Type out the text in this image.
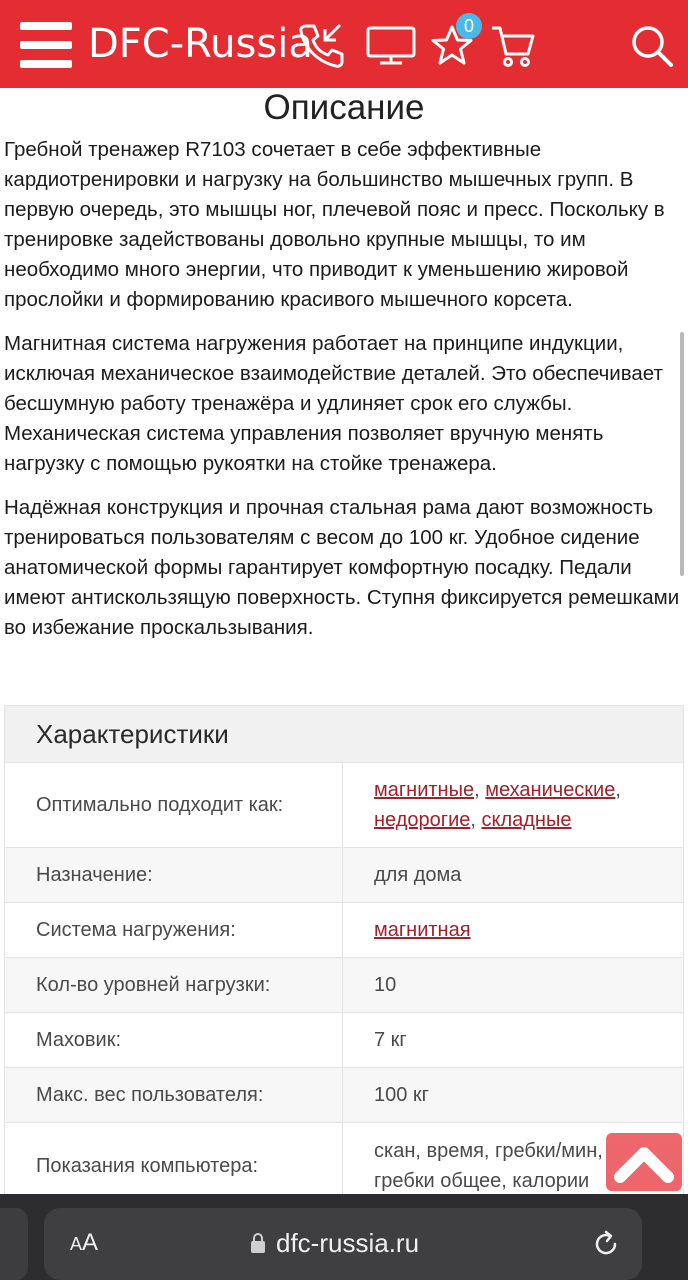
DFC-Russia	0
Описание

Гребной тренажер R7103 сочетает в себе эффективные кардиотренировки и нагрузку на большинство мышечных групп. В первую очередь, это мышцы ног, плечевой пояс и пресс. Поскольку в тренировке задействованы довольно крупные мышцы, то им необходимо много энергии, что приводит к уменьшению жировой прослойки и формированию красивого мышечного корсета.

Магнитная система нагружения работает на принципе индукции, исключая механическое взаимодействие деталей. Это обеспечивает бесшумную работу тренажёра и удлиняет срок его службы. Механическая система управления позволяет вручную менять нагрузку с помощью рукоятки на стойке тренажера.

Надёжная конструкция и прочная стальная рама дают возможность тренироваться пользователям с весом до 100 кг. Удобное сидение анатомической формы гарантирует комфортную посадку. Педали имеют антискользящую поверхность. Ступня фиксируется ремешками во избежание проскальзывания.

Характеристики
Оптимально подходит как:
магнитные, механические,
недорогие, складные
Назначение:	для дома
Система нагружения:	магнитная
Кол-во уровней нагрузки:	10
Маховик:	7 кг
Макс. вес пользователя:	100 кг
Показания компьютера:
скан, время, гребки/мин,
гребки общее, калории
AA	dfc-russia.ru
